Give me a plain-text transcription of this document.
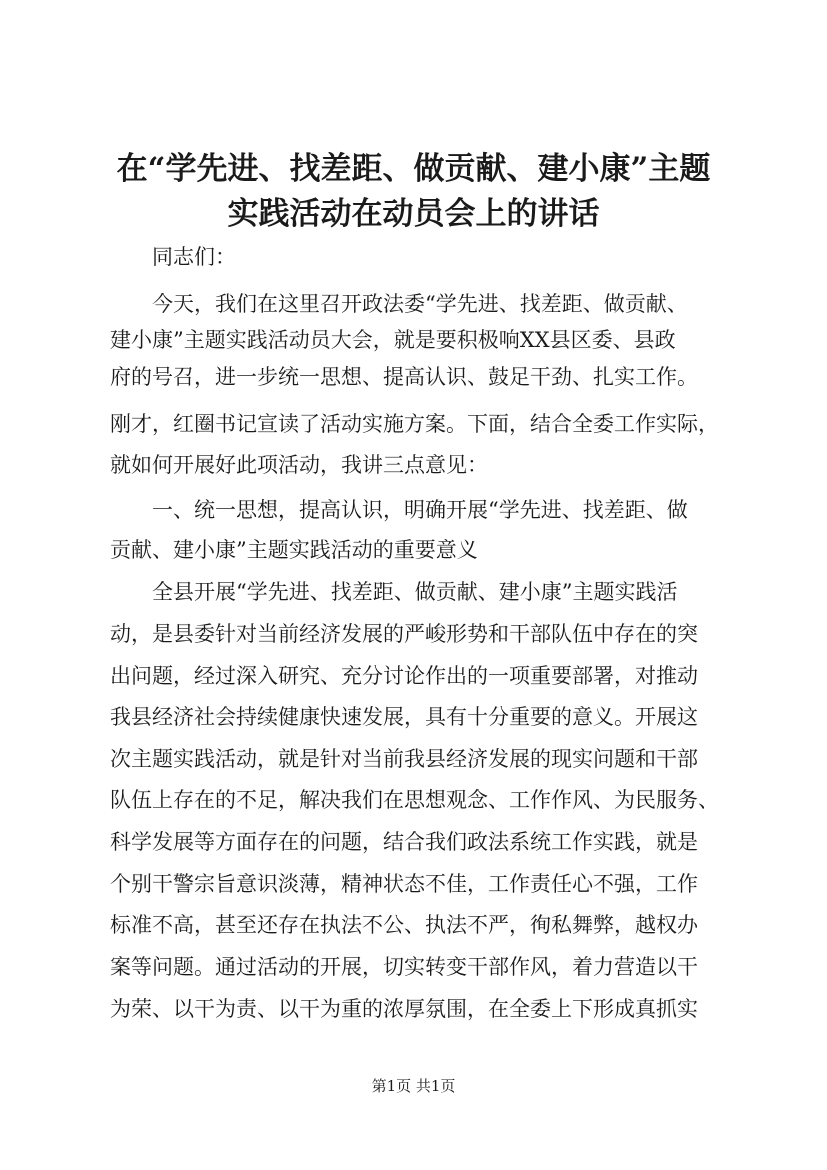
在“学先进、找差距、做贡献、建小康”主题
实践活动在动员会上的讲话

同志们：

今天，我们在这里召开政法委“学先进、找差距、做贡献、

建小康”主题实践活动员大会，就是要积极响XX县区委、县政

府的号召，进一步统一思想、提高认识、鼓足干劲、扎实工作。

刚才，红圈书记宣读了活动实施方案。下面，结合全委工作实际，

就如何开展好此项活动，我讲三点意见：

一、统一思想，提高认识，明确开展“学先进、找差距、做

贡献、建小康”主题实践活动的重要意义

全县开展“学先进、找差距、做贡献、建小康”主题实践活

动，是县委针对当前经济发展的严峻形势和干部队伍中存在的突

出问题，经过深入研究、充分讨论作出的一项重要部署，对推动

我县经济社会持续健康快速发展，具有十分重要的意义。开展这

次主题实践活动，就是针对当前我县经济发展的现实问题和干部

队伍上存在的不足，解决我们在思想观念、工作作风、为民服务、

科学发展等方面存在的问题，结合我们政法系统工作实践，就是

个别干警宗旨意识淡薄，精神状态不佳，工作责任心不强，工作

标准不高，甚至还存在执法不公、执法不严，徇私舞弊，越权办

案等问题。通过活动的开展，切实转变干部作风，着力营造以干

为荣、以干为责、以干为重的浓厚氛围，在全委上下形成真抓实

第1页 共1页
